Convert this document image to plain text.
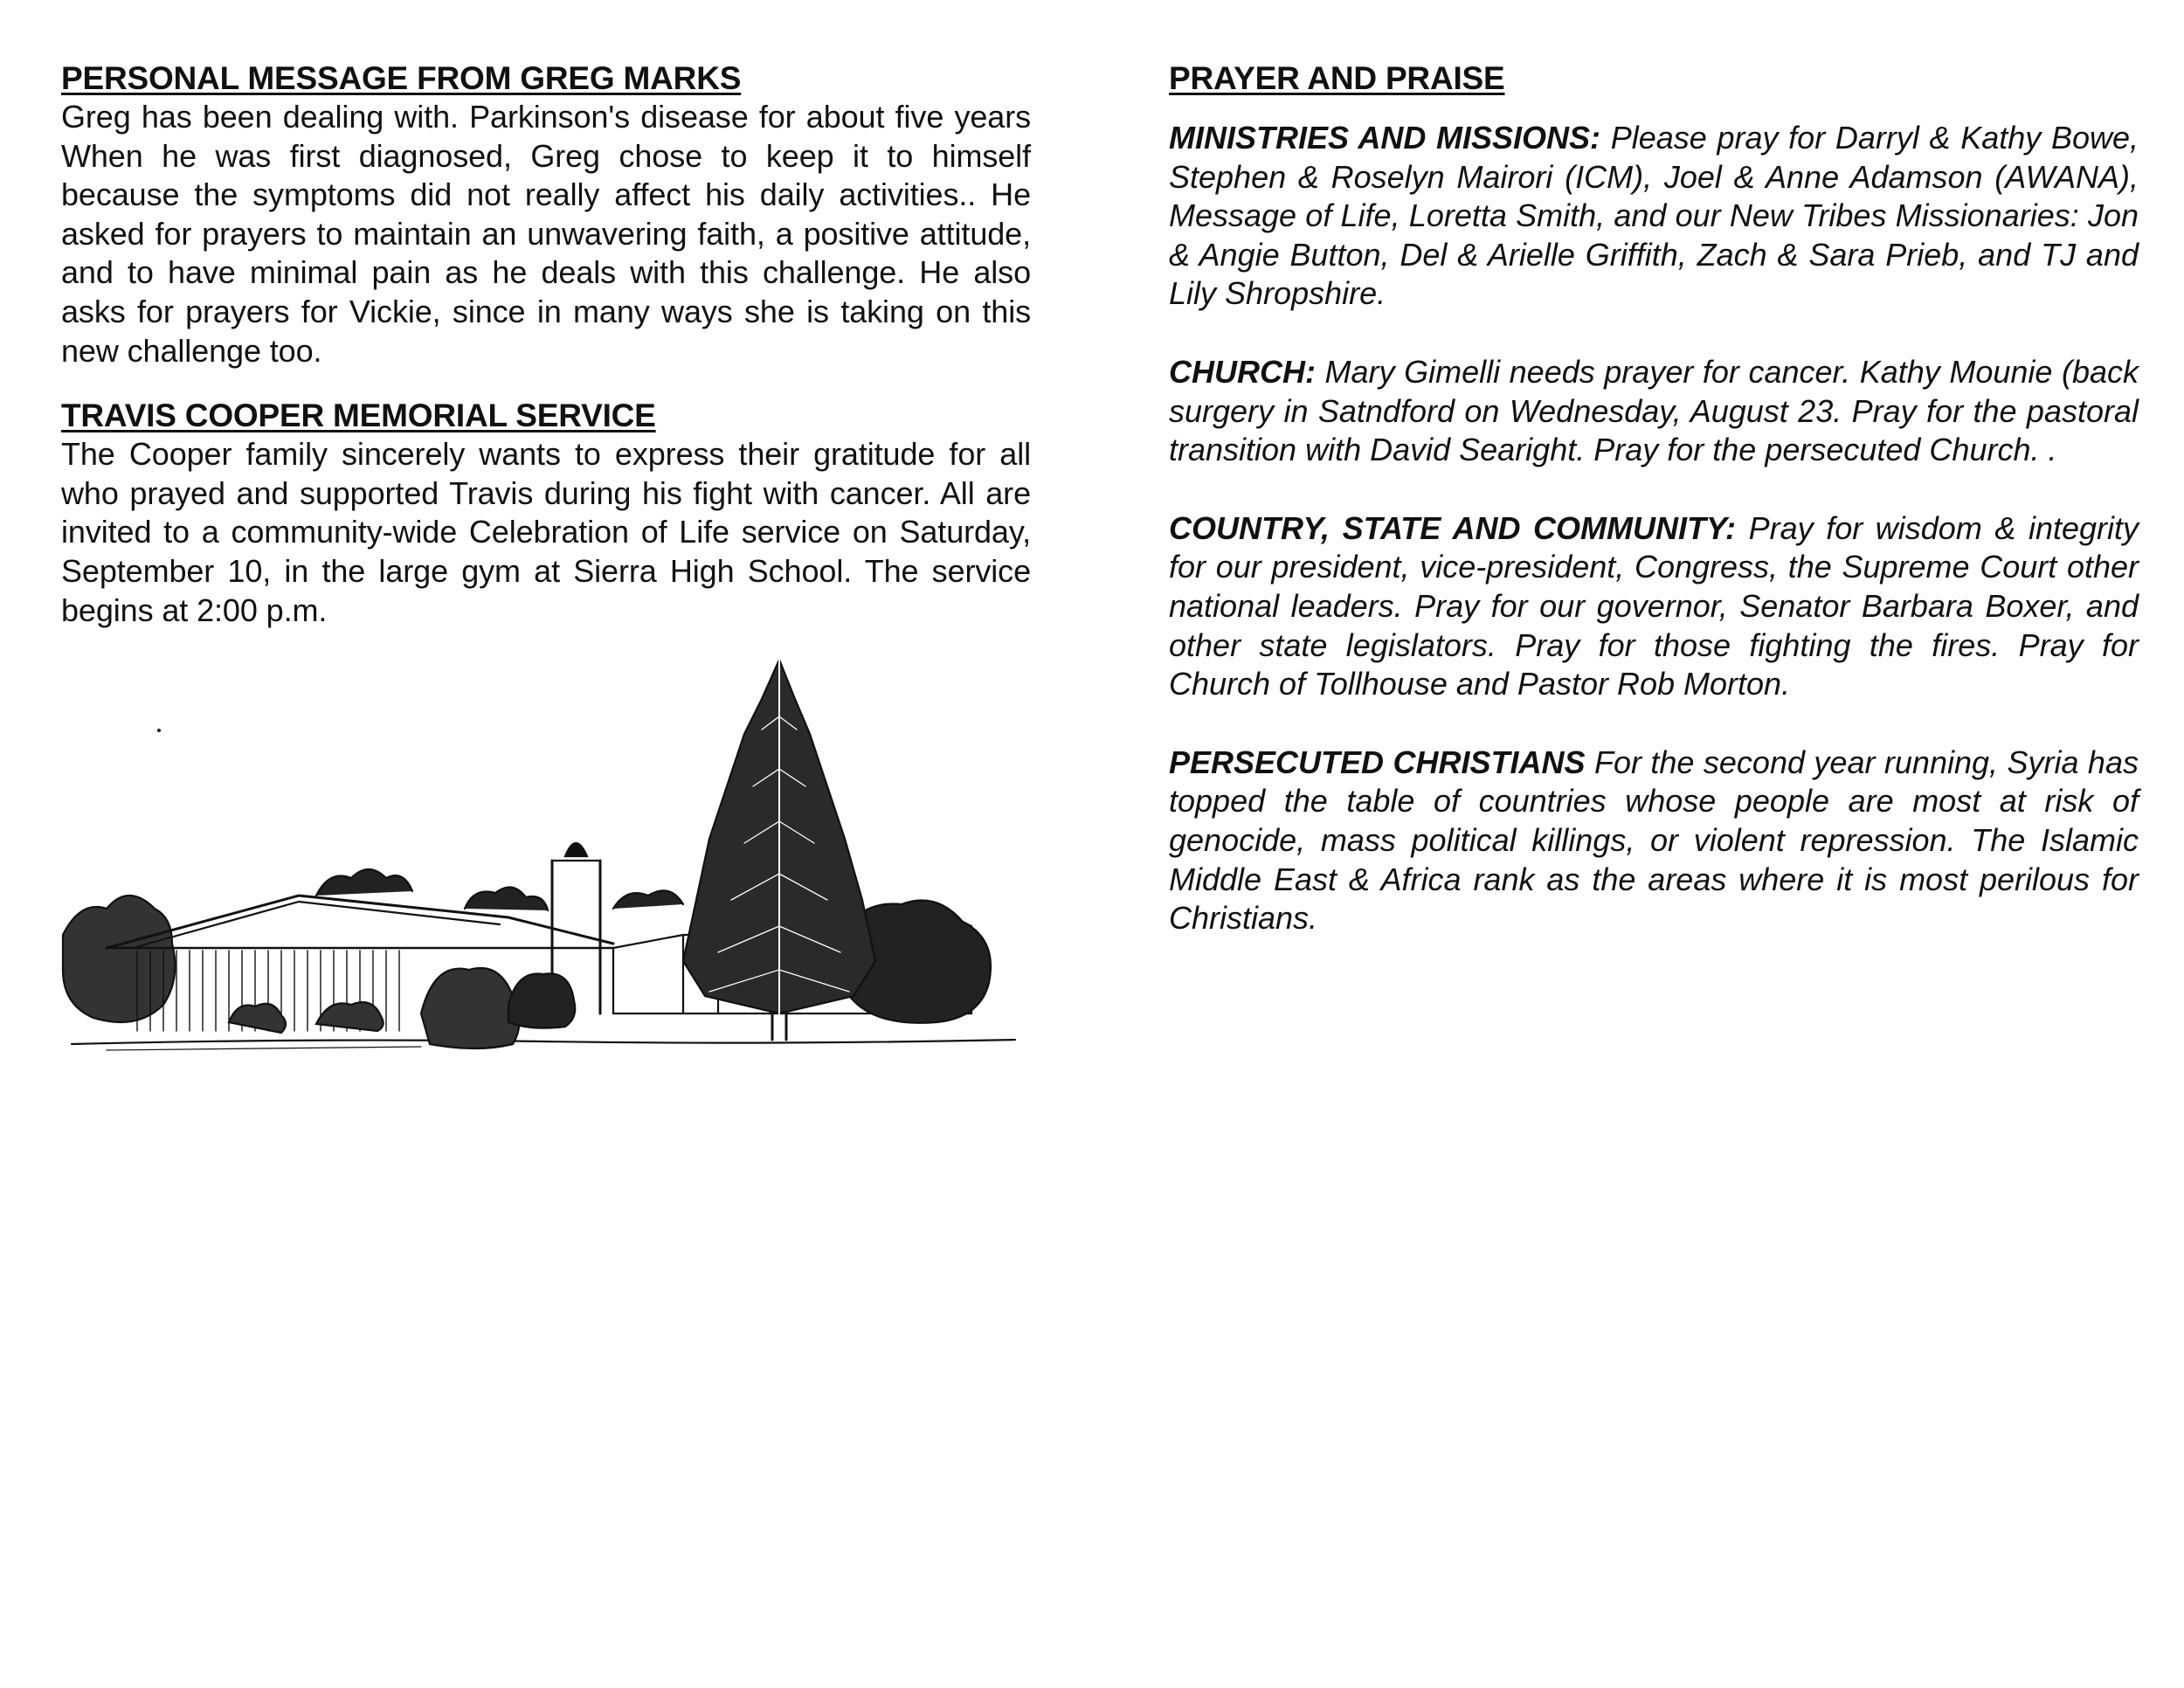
PERSONAL MESSAGE FROM GREG MARKS

Greg has been dealing with. Parkinson's disease for about five years When he was first diagnosed, Greg chose to keep it to himself because the symptoms did not really affect his daily activities.. He asked for prayers to maintain an unwavering faith, a positive attitude, and to have minimal pain as he deals with this challenge. He also asks for prayers for Vickie, since in many ways she is taking on this new challenge too.

TRAVIS COOPER MEMORIAL SERVICE

The Cooper family sincerely wants to express their gratitude for all who prayed and supported Travis during his fight with cancer. All are invited to a community-wide Celebration of Life service on Saturday, September 10, in the large gym at Sierra High School. The service begins at 2:00 p.m.

PRAYER AND PRAISE

MINISTRIES AND MISSIONS: Please pray for Darryl & Kathy Bowe, Stephen & Roselyn Mairori (ICM), Joel & Anne Adamson (AWANA), Message of Life, Loretta Smith, and our New Tribes Missionaries: Jon & Angie Button, Del & Arielle Griffith, Zach & Sara Prieb, and TJ and Lily Shropshire.

CHURCH: Mary Gimelli needs prayer for cancer. Kathy Mounie (back surgery in Satndford on Wednesday, August 23. Pray for the pastoral transition with David Searight. Pray for the persecuted Church. .

COUNTRY, STATE AND COMMUNITY: Pray for wisdom & integrity for our president, vice-president, Congress, the Supreme Court other national leaders. Pray for our governor, Senator Barbara Boxer, and other state legislators. Pray for those fighting the fires. Pray for Church of Tollhouse and Pastor Rob Morton.

PERSECUTED CHRISTIANS For the second year running, Syria has topped the table of countries whose people are most at risk of genocide, mass political killings, or violent repression. The Islamic Middle East & Africa rank as the areas where it is most perilous for Christians.
